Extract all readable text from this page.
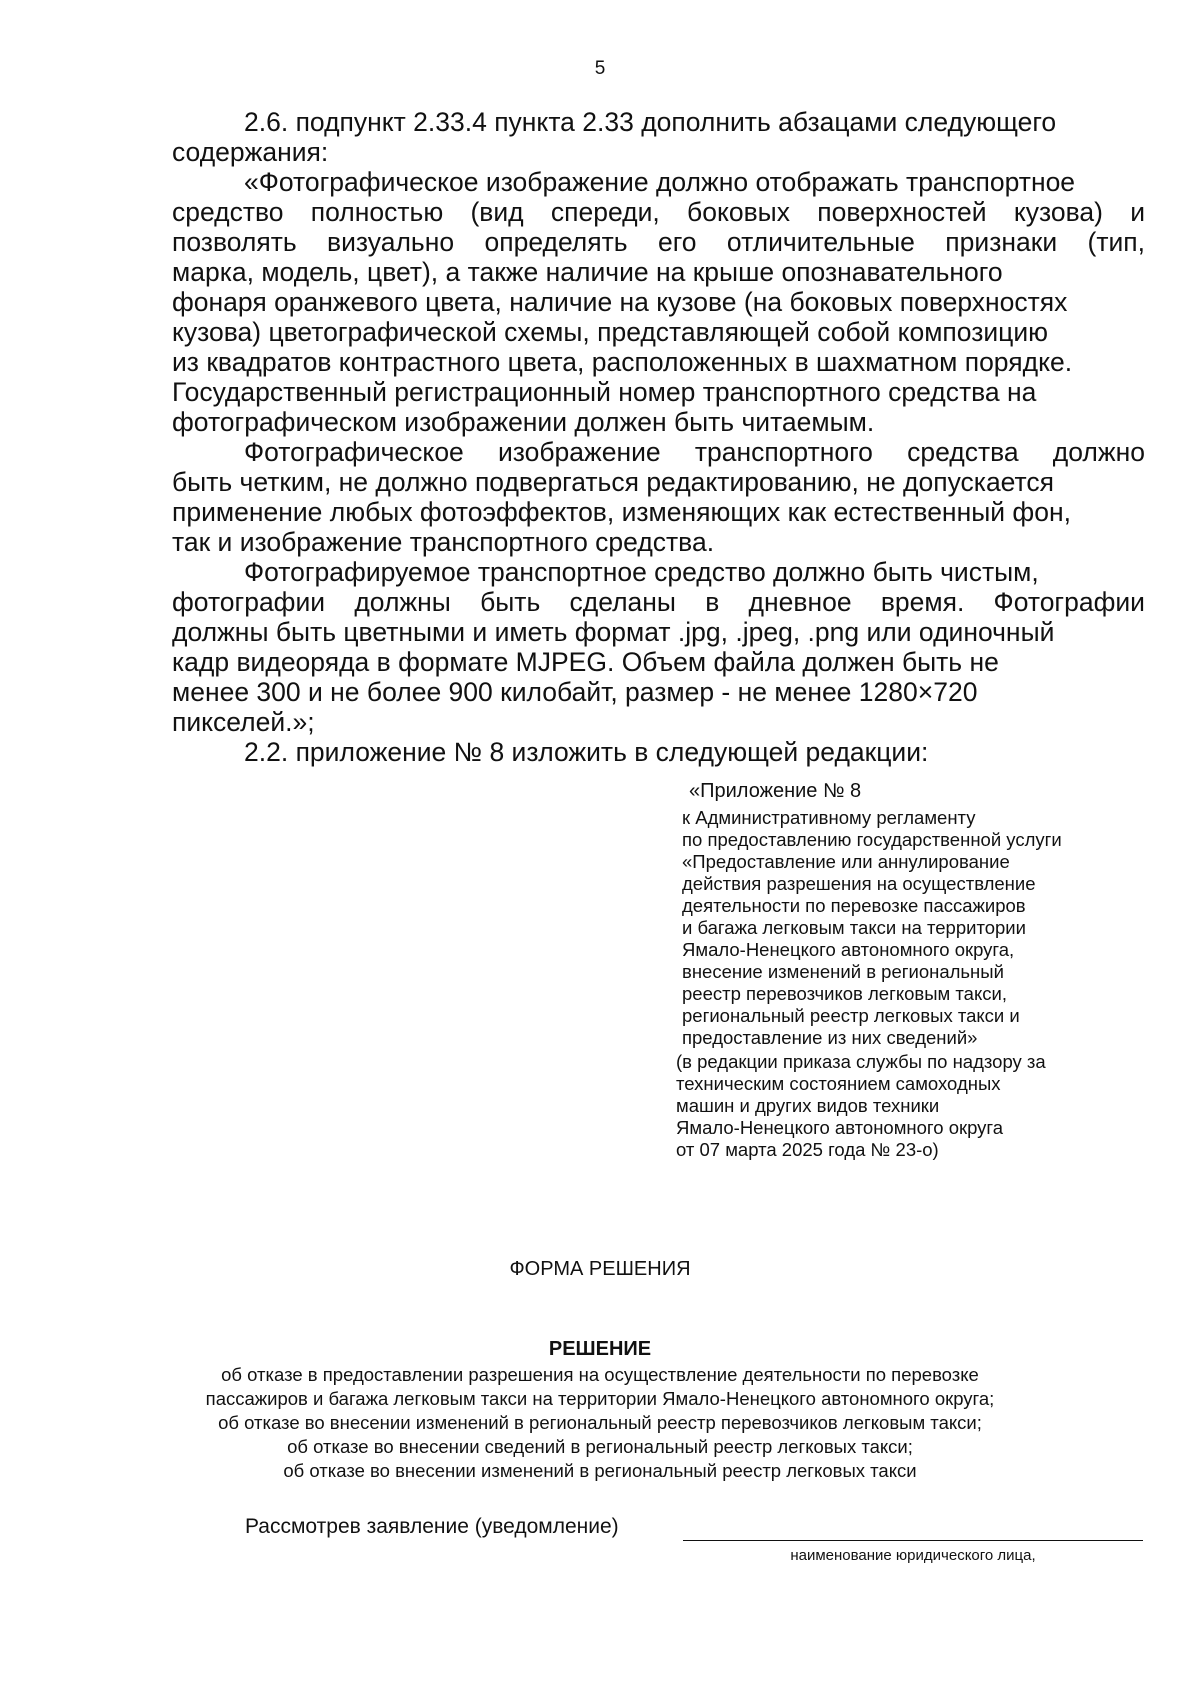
5
2.6. подпункт 2.33.4 пункта 2.33 дополнить абзацами следующего
содержания:
«Фотографическое изображение должно отображать транспортное
средство полностью (вид спереди, боковых поверхностей кузова) и
позволять визуально определять его отличительные признаки (тип,
марка, модель, цвет), а также наличие на крыше опознавательного
фонаря оранжевого цвета, наличие на кузове (на боковых поверхностях
кузова) цветографической схемы, представляющей собой композицию
из квадратов контрастного цвета, расположенных в шахматном порядке.
Государственный регистрационный номер транспортного средства на
фотографическом изображении должен быть читаемым.
Фотографическое изображение транспортного средства должно
быть четким, не должно подвергаться редактированию, не допускается
применение любых фотоэффектов, изменяющих как естественный фон,
так и изображение транспортного средства.
Фотографируемое транспортное средство должно быть чистым,
фотографии должны быть сделаны в дневное время. Фотографии
должны быть цветными и иметь формат .jpg, .jpeg, .png или одиночный
кадр видеоряда в формате MJPEG. Объем файла должен быть не
менее 300 и не более 900 килобайт, размер - не менее 1280×720
пикселей.»;
2.2. приложение № 8 изложить в следующей редакции:
«Приложение № 8
к Административному регламенту
по предоставлению государственной услуги
«Предоставление или аннулирование
действия разрешения на осуществление
деятельности по перевозке пассажиров
и багажа легковым такси на территории
Ямало-Ненецкого автономного округа,
внесение изменений в региональный
реестр перевозчиков легковым такси,
региональный реестр легковых такси и
предоставление из них сведений»
(в редакции приказа службы по надзору за
техническим состоянием самоходных
машин и других видов техники
Ямало-Ненецкого автономного округа
от 07 марта 2025 года № 23-о)
ФОРМА РЕШЕНИЯ
РЕШЕНИЕ
об отказе в предоставлении разрешения на осуществление деятельности по перевозке
пассажиров и багажа легковым такси на территории Ямало-Ненецкого автономного округа;
об отказе во внесении изменений в региональный реестр перевозчиков легковым такси;
об отказе во внесении сведений в региональный реестр легковых такси;
об отказе во внесении изменений в региональный реестр легковых такси
Рассмотрев заявление (уведомление)
наименование юридического лица,
